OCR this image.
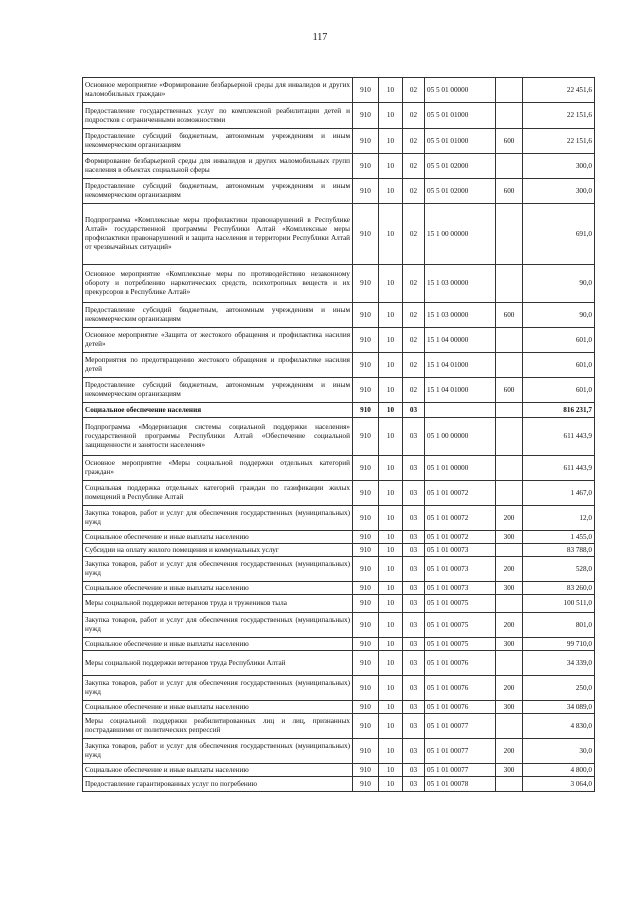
117
Основное мероприятие «Формирование безбарьерной среды для инвалидов и других маломобильных граждан»	910	10	02	05 5 01 00000		22 451,6
Предоставление государственных услуг по комплексной реабилитации детей и подростков с ограниченными возможностями	910	10	02	05 5 01 01000		22 151,6
Предоставление субсидий бюджетным, автономным учреждениям и иным некоммерческим организациям	910	10	02	05 5 01 01000	600	22 151,6
Формирование безбарьерной среды для инвалидов и других маломобильных групп населения в объектах социальной сферы	910	10	02	05 5 01 02000		300,0
Предоставление субсидий бюджетным, автономным учреждениям и иным некоммерческим организациям	910	10	02	05 5 01 02000	600	300,0
Подпрограмма «Комплексные меры профилактики правонарушений в Республике Алтай» государственной программы Республики Алтай «Комплексные меры профилактики правонарушений и защита населения и территории Республики Алтай от чрезвычайных ситуаций»	910	10	02	15 1 00 00000		691,0
Основное мероприятие «Комплексные меры по противодействию незаконному обороту и потреблению наркотических средств, психотропных веществ и их прекурсоров в Республике Алтай»	910	10	02	15 1 03 00000		90,0
Предоставление субсидий бюджетным, автономным учреждениям и иным некоммерческим организациям	910	10	02	15 1 03 00000	600	90,0
Основное мероприятие «Защита от жестокого обращения и профилактика насилия детей»	910	10	02	15 1 04 00000		601,0
Мероприятия по предотвращению жестокого обращения и профилактике насилия детей	910	10	02	15 1 04 01000		601,0
Предоставление субсидий бюджетным, автономным учреждениям и иным некоммерческим организациям	910	10	02	15 1 04 01000	600	601,0
Социальное обеспечение населения	910	10	03			816 231,7
Подпрограмма «Модернизация системы социальной поддержки населения» государственной программы Республики Алтай «Обеспечение социальной защищенности и занятости населения»	910	10	03	05 1 00 00000		611 443,9
Основное мероприятие «Меры социальной поддержки отдельных категорий граждан»	910	10	03	05 1 01 00000		611 443,9
Социальная поддержка отдельных категорий граждан по газификации жилых помещений в Республике Алтай	910	10	03	05 1 01 00072		1 467,0
Закупка товаров, работ и услуг для обеспечения государственных (муниципальных) нужд	910	10	03	05 1 01 00072	200	12,0
Социальное обеспечение и иные выплаты населению	910	10	03	05 1 01 00072	300	1 455,0
Субсидии на оплату жилого помещения и коммунальных услуг	910	10	03	05 1 01 00073		83 788,0
Закупка товаров, работ и услуг для обеспечения государственных (муниципальных) нужд	910	10	03	05 1 01 00073	200	528,0
Социальное обеспечение и иные выплаты населению	910	10	03	05 1 01 00073	300	83 260,0
Меры социальной поддержки ветеранов труда и тружеников тыла	910	10	03	05 1 01 00075		100 511,0
Закупка товаров, работ и услуг для обеспечения государственных (муниципальных) нужд	910	10	03	05 1 01 00075	200	801,0
Социальное обеспечение и иные выплаты населению	910	10	03	05 1 01 00075	300	99 710,0
Меры социальной поддержки ветеранов труда Республики Алтай	910	10	03	05 1 01 00076		34 339,0
Закупка товаров, работ и услуг для обеспечения государственных (муниципальных) нужд	910	10	03	05 1 01 00076	200	250,0
Социальное обеспечение и иные выплаты населению	910	10	03	05 1 01 00076	300	34 089,0
Меры социальной поддержки реабилитированных лиц и лиц, признанных пострадавшими от политических репрессий	910	10	03	05 1 01 00077		4 830,0
Закупка товаров, работ и услуг для обеспечения государственных (муниципальных) нужд	910	10	03	05 1 01 00077	200	30,0
Социальное обеспечение и иные выплаты населению	910	10	03	05 1 01 00077	300	4 800,0
Предоставление гарантированных услуг по погребению	910	10	03	05 1 01 00078		3 064,0
